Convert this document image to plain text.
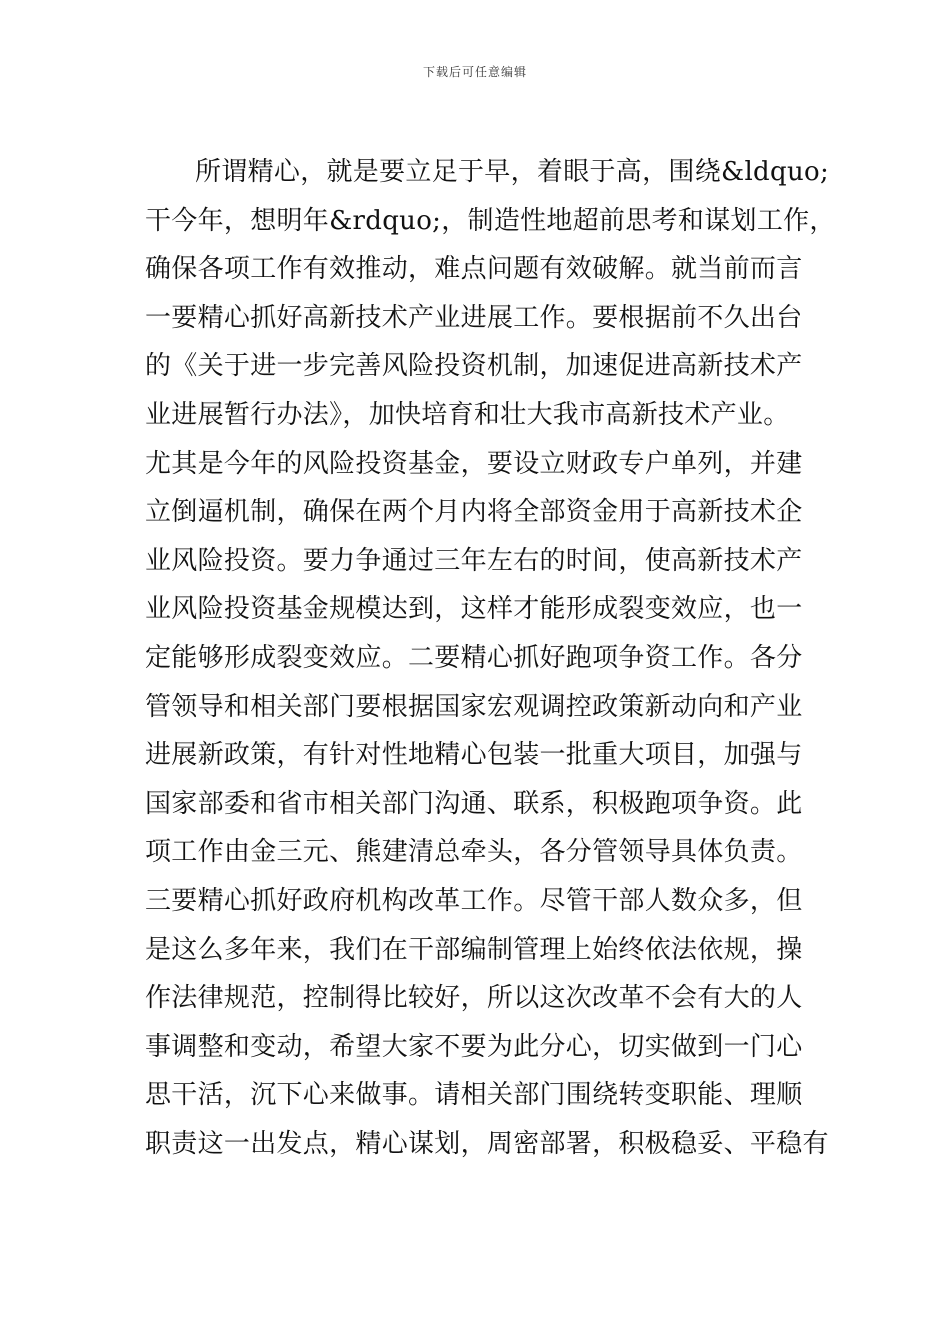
下载后可任意编辑
所谓精心，就是要立足于早，着眼于高，围绕&ldquo;
干今年，想明年&rdquo;，制造性地超前思考和谋划工作，
确保各项工作有效推动，难点问题有效破解。就当前而言
一要精心抓好高新技术产业进展工作。要根据前不久出台
的《关于进一步完善风险投资机制，加速促进高新技术产
业进展暂行办法》，加快培育和壮大我市高新技术产业。
尤其是今年的风险投资基金，要设立财政专户单列，并建
立倒逼机制，确保在两个月内将全部资金用于高新技术企
业风险投资。要力争通过三年左右的时间，使高新技术产
业风险投资基金规模达到，这样才能形成裂变效应，也一
定能够形成裂变效应。二要精心抓好跑项争资工作。各分
管领导和相关部门要根据国家宏观调控政策新动向和产业
进展新政策，有针对性地精心包装一批重大项目，加强与
国家部委和省市相关部门沟通、联系，积极跑项争资。此
项工作由金三元、熊建清总牵头，各分管领导具体负责。
三要精心抓好政府机构改革工作。尽管干部人数众多，但
是这么多年来，我们在干部编制管理上始终依法依规，操
作法律规范，控制得比较好，所以这次改革不会有大的人
事调整和变动，希望大家不要为此分心，切实做到一门心
思干活，沉下心来做事。请相关部门围绕转变职能、理顺
职责这一出发点，精心谋划，周密部署，积极稳妥、平稳有
